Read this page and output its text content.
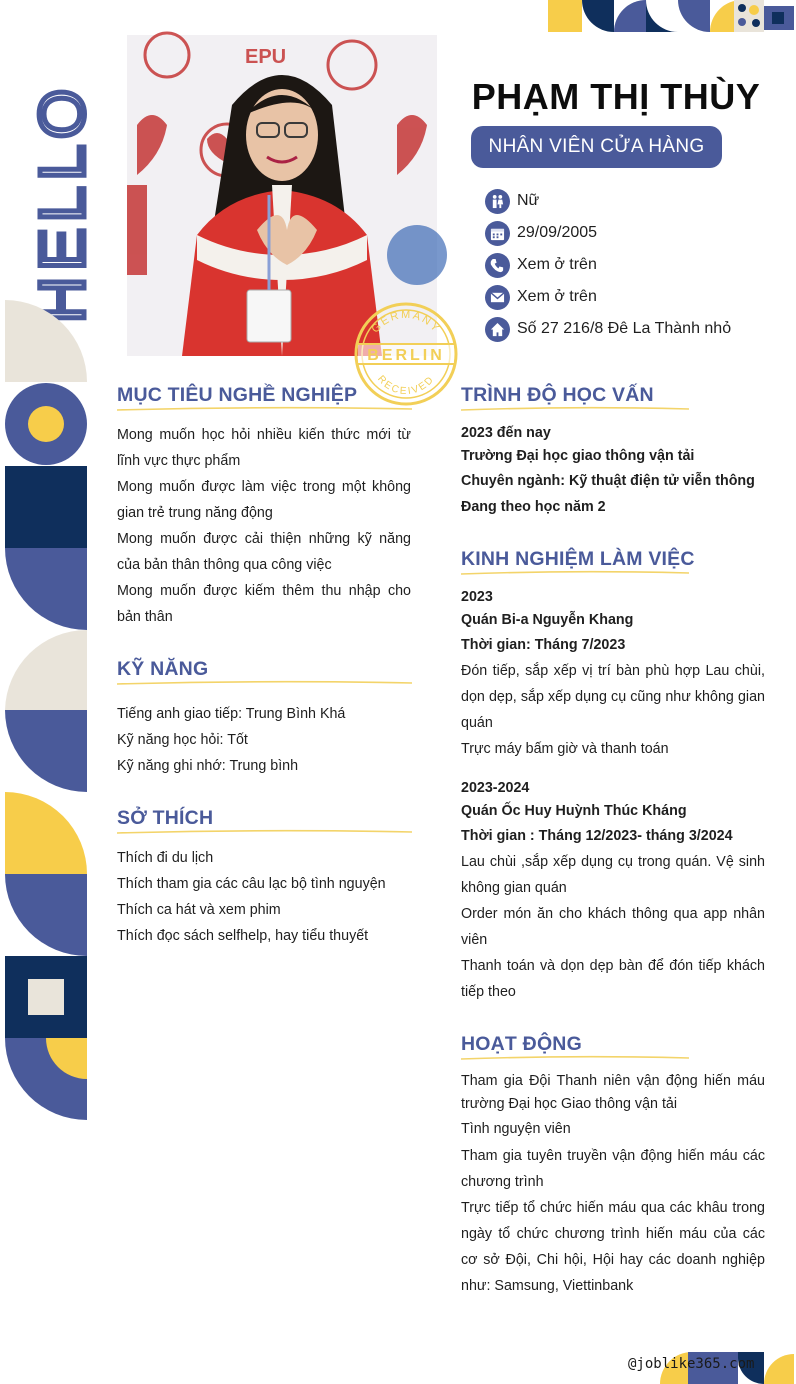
HELLO
EPU
GERMANY
BERLIN
RECEIVED
PHẠM THỊ THÙY
NHÂN VIÊN CỬA HÀNG
Nữ
29/09/2005
Xem ở trên
Xem ở trên
Số 27 216/8 Đê La Thành nhỏ
MỤC TIÊU NGHỀ NGHIỆP

Mong muốn học hỏi nhiều kiến thức mới từ lĩnh vực thực phẩm

Mong muốn được làm việc trong một không gian trẻ trung năng động

Mong muốn được cải thiện những kỹ năng của bản thân thông qua công việc

Mong muốn được kiếm thêm thu nhập cho bản thân

KỸ NĂNG
Tiếng anh giao tiếp: Trung Bình Khá
Kỹ năng học hỏi: Tốt
Kỹ năng ghi nhớ: Trung bình
SỞ THÍCH
Thích đi du lịch
Thích tham gia các câu lạc bộ tình nguyện
Thích ca hát và xem phim
Thích đọc sách selfhelp, hay tiểu thuyết
TRÌNH ĐỘ HỌC VẤN
2023 đến nay
Trường Đại học giao thông vận tải
Chuyên ngành: Kỹ thuật điện tử viễn thông
Đang theo học năm 2
KINH NGHIỆM LÀM VIỆC
2023
Quán Bi-a Nguyễn Khang
Thời gian: Tháng 7/2023

Đón tiếp, sắp xếp vị trí bàn phù hợp Lau chùi, dọn dẹp, sắp xếp dụng cụ cũng như không gian quán

Trực máy bấm giờ và thanh toán

2023-2024
Quán Ốc Huy Huỳnh Thúc Kháng
Thời gian : Tháng 12/2023- tháng 3/2024

Lau chùi ,sắp xếp dụng cụ trong quán. Vệ sinh không gian quán

Order món ăn cho khách thông qua app nhân viên

Thanh toán và dọn dẹp bàn để đón tiếp khách tiếp theo

HOẠT ĐỘNG

Tham gia Đội Thanh niên vận động hiến máu trường Đại học Giao thông vận tải

Tình nguyện viên

Tham gia tuyên truyền vận động hiến máu các chương trình

Trực tiếp tổ chức hiến máu qua các khâu trong ngày tổ chức chương trình hiến máu của các cơ sở Đội, Chi hội, Hội hay các doanh nghiệp như: Samsung, Viettinbank

@joblike365.com
